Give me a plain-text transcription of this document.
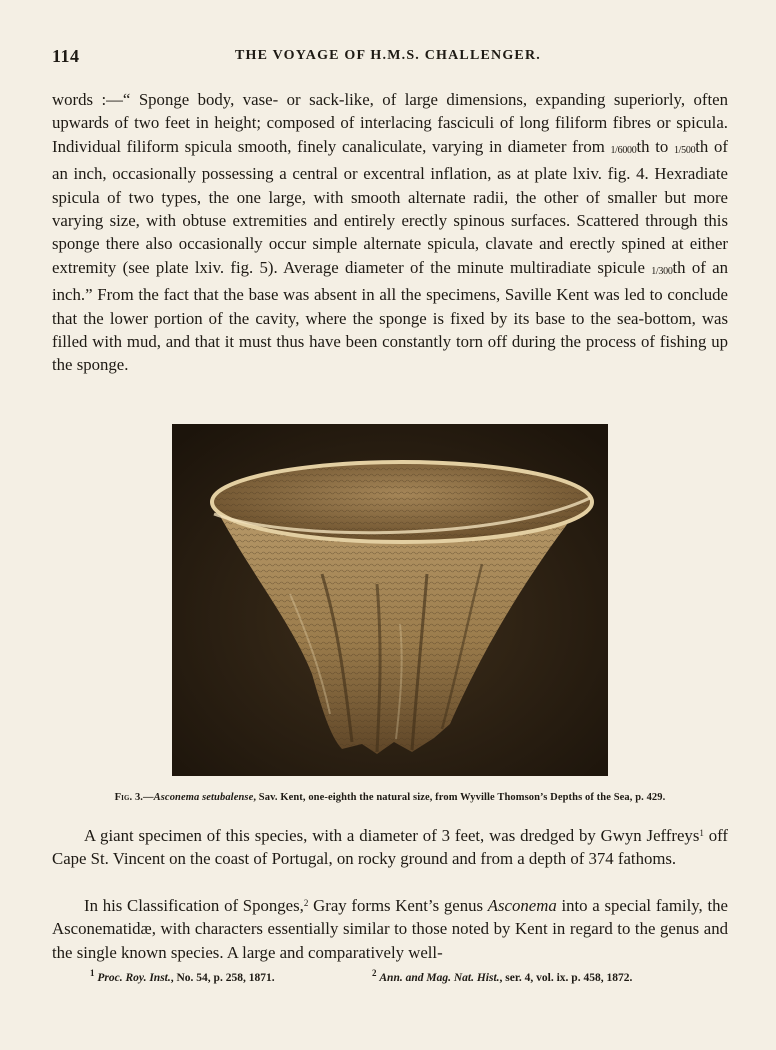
114	THE VOYAGE OF H.M.S. CHALLENGER.

words :—“ Sponge body, vase- or sack-like, of large dimensions, expanding superiorly, often upwards of two feet in height; composed of interlacing fasciculi of long filiform fibres or spicula. Individual filiform spicula smooth, finely canaliculate, varying in diameter from 1/6000th to 1/500th of an inch, occasionally possessing a central or excentral inflation, as at plate lxiv. fig. 4. Hexradiate spicula of two types, the one large, with smooth alternate radii, the other of smaller but more varying size, with obtuse extremities and entirely erectly spinous surfaces. Scattered through this sponge there also occasionally occur simple alternate spicula, clavate and erectly spined at either extremity (see plate lxiv. fig. 5). Average diameter of the minute multiradiate spicule 1/300th of an inch.” From the fact that the base was absent in all the specimens, Saville Kent was led to conclude that the lower portion of the cavity, where the sponge is fixed by its base to the sea-bottom, was filled with mud, and that it must thus have been constantly torn off during the process of fishing up the sponge.

Fig. 3.—Asconema setubalense, Sav. Kent, one-eighth the natural size, from Wyville Thomson’s Depths of the Sea, p. 429.

A giant specimen of this species, with a diameter of 3 feet, was dredged by Gwyn Jeffreys$^1$ off Cape St. Vincent on the coast of Portugal, on rocky ground and from a depth of 374 fathoms.

In his Classification of Sponges,$^2$ Gray forms Kent’s genus Asconema into a special family, the Asconematidæ, with characters essentially similar to those noted by Kent in regard to the genus and the single known species. A large and comparatively well-

$^1$ Proc. Roy. Inst., No. 54, p. 258, 1871.	$^2$ Ann. and Mag. Nat. Hist., ser. 4, vol. ix. p. 458, 1872.
